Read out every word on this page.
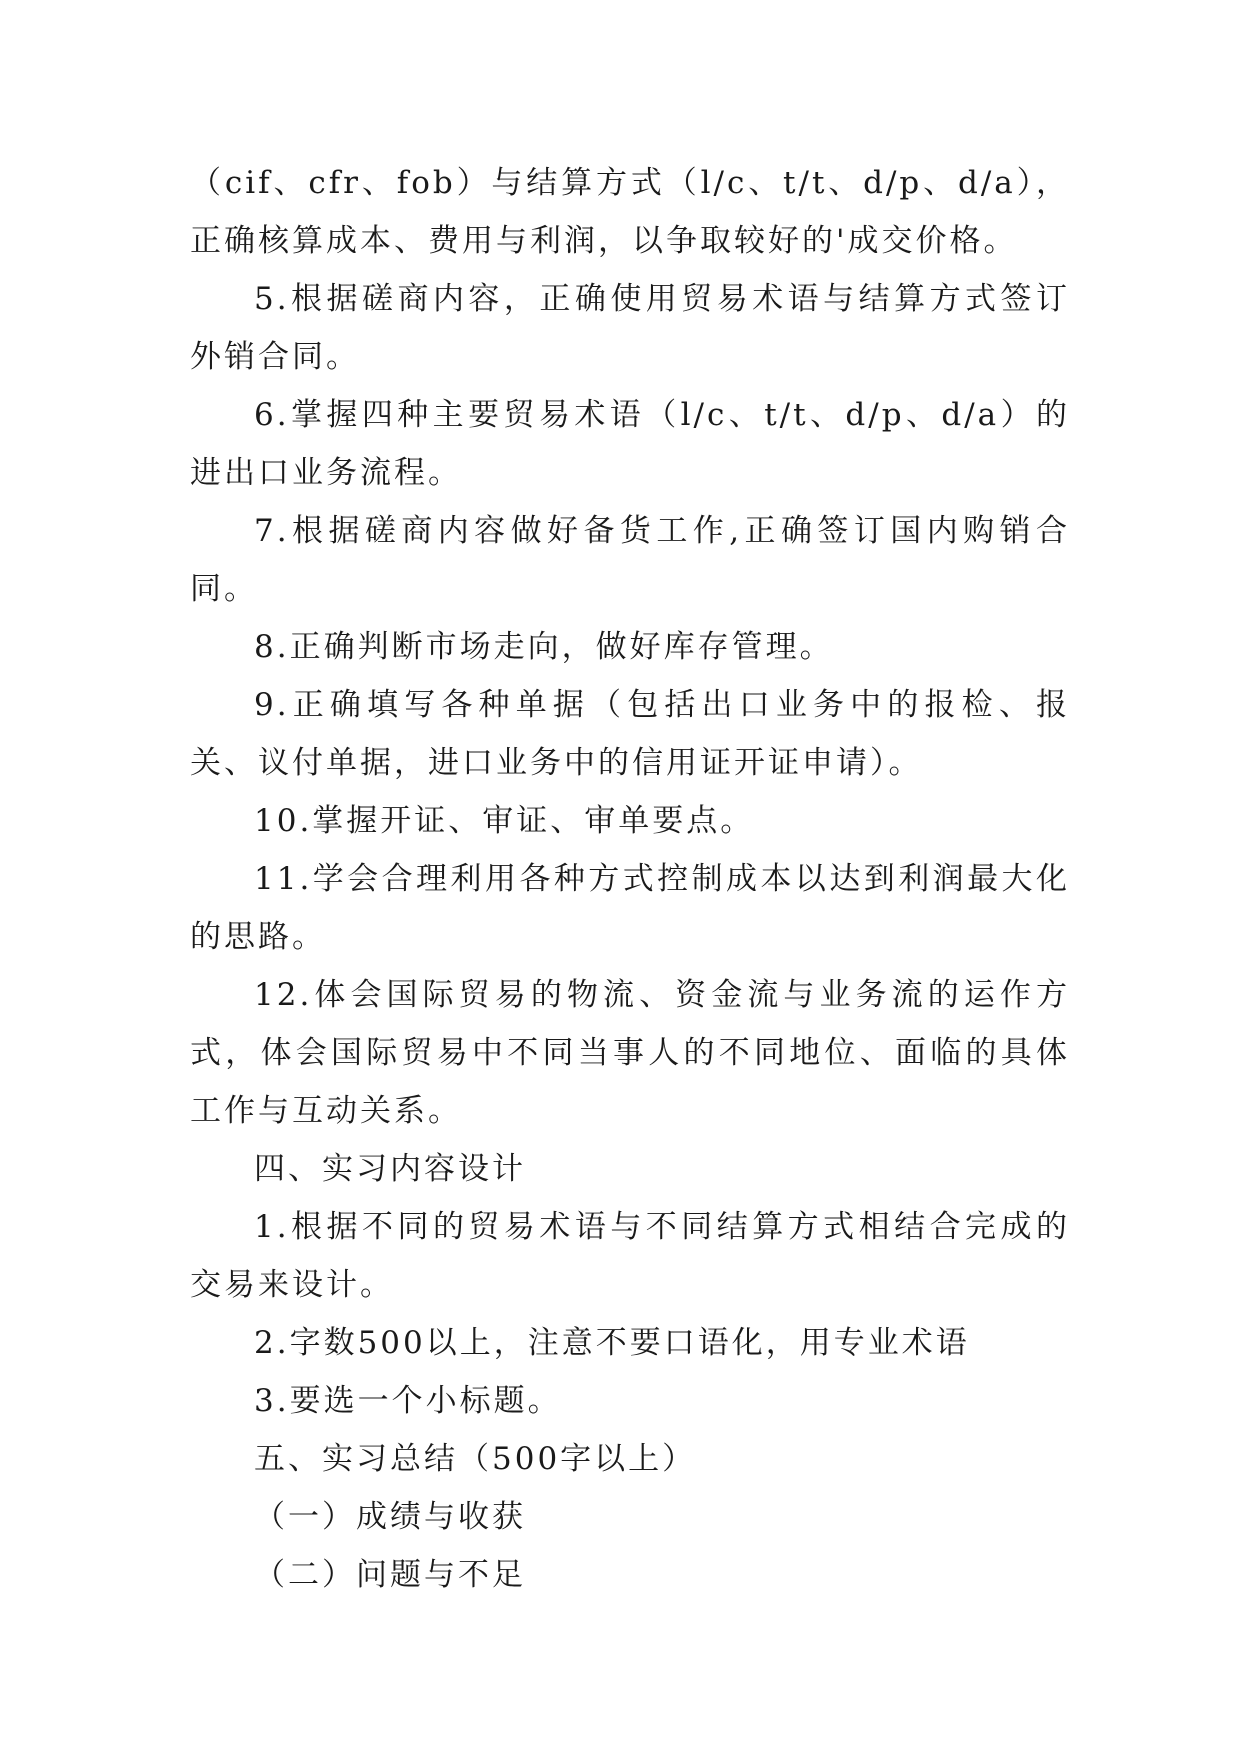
（cif、cfr、fob）与结算方式（l/c、t/t、d/p、d/a），正确核算成本、费用与利润，以争取较好的'成交价格。

5.根据磋商内容，正确使用贸易术语与结算方式签订外销合同。

6.掌握四种主要贸易术语（l/c、t/t、d/p、d/a）的进出口业务流程。

7.根据磋商内容做好备货工作,正确签订国内购销合同。

8.正确判断市场走向，做好库存管理。

9.正确填写各种单据（包括出口业务中的报检、报关、议付单据，进口业务中的信用证开证申请）。

10.掌握开证、审证、审单要点。

11.学会合理利用各种方式控制成本以达到利润最大化的思路。

12.体会国际贸易的物流、资金流与业务流的运作方式，体会国际贸易中不同当事人的不同地位、面临的具体工作与互动关系。

四、实习内容设计

1.根据不同的贸易术语与不同结算方式相结合完成的交易来设计。

2.字数500以上，注意不要口语化，用专业术语

3.要选一个小标题。

五、实习总结（500字以上）

（一）成绩与收获

（二）问题与不足
